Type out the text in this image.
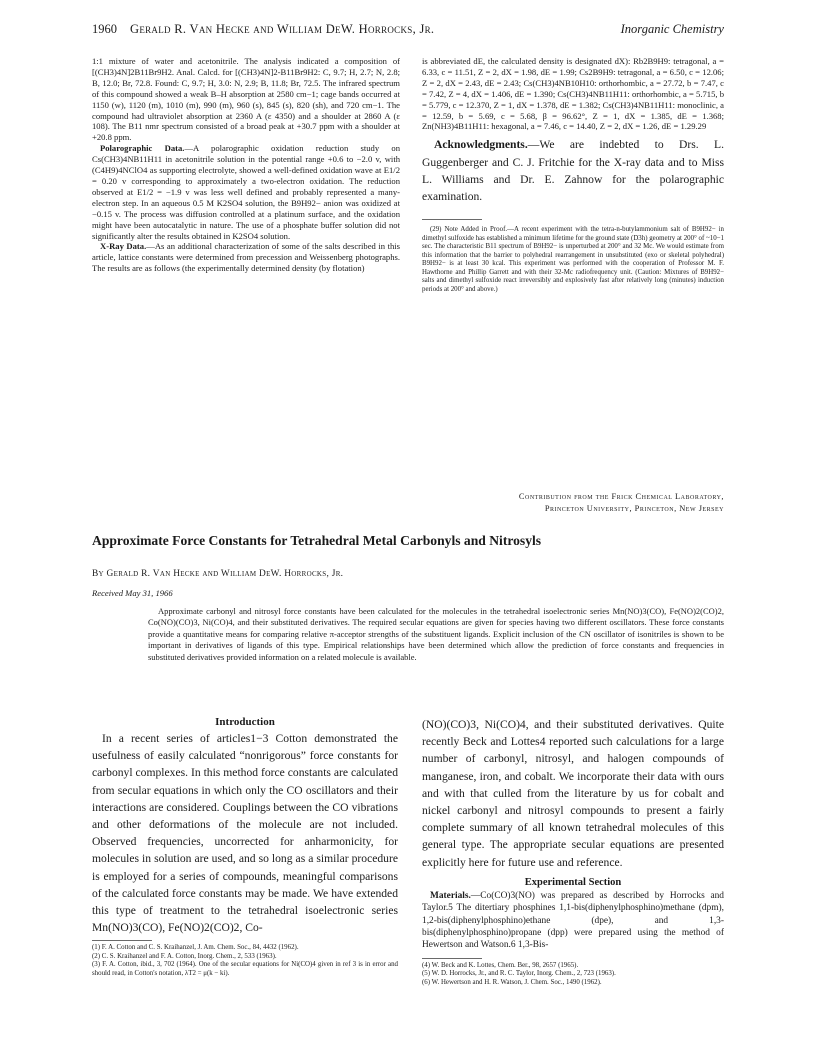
1960 Gerald R. Van Hecke and William DeW. Horrocks, Jr.	Inorganic Chemistry

1:1 mixture of water and acetonitrile. The analysis indicated a composition of [(CH3)4N]2B11Br9H2. Anal. Calcd. for [(CH3)4N]2-B11Br9H2: C, 9.7; H, 2.7; N, 2.8; B, 12.0; Br, 72.8. Found: C, 9.7; H, 3.0: N, 2.9; B, 11.8; Br, 72.5. The infrared spectrum of this compound showed a weak B–H absorption at 2580 cm−1; cage bands occurred at 1150 (w), 1120 (m), 1010 (m), 990 (m), 960 (s), 845 (s), 820 (sh), and 720 cm−1. The compound had ultraviolet absorption at 2360 A (ε 4350) and a shoulder at 2860 A (ε 108). The B11 nmr spectrum consisted of a broad peak at +30.7 ppm with a shoulder at +20.8 ppm.

Polarographic Data.—A polarographic oxidation reduction study on Cs(CH3)4NB11H11 in acetonitrile solution in the potential range +0.6 to −2.0 v, with (C4H9)4NClO4 as supporting electrolyte, showed a well-defined oxidation wave at E1/2 = 0.20 v corresponding to approximately a two-electron oxidation. The reduction observed at E1/2 = −1.9 v was less well defined and probably represented a many-electron step. In an aqueous 0.5 M K2SO4 solution, the B9H92− anion was oxidized at −0.15 v. The process was diffusion controlled at a platinum surface, and the oxidation might have been autocatalytic in nature. The use of a phosphate buffer solution did not significantly alter the results obtained in K2SO4 solution.

X-Ray Data.—As an additional characterization of some of the salts described in this article, lattice constants were determined from precession and Weissenberg photographs. The results are as follows (the experimentally determined density (by flotation)

is abbreviated dE, the calculated density is designated dX): Rb2B9H9: tetragonal, a = 6.33, c = 11.51, Z = 2, dX = 1.98, dE = 1.99; Cs2B9H9: tetragonal, a = 6.50, c = 12.06; Z = 2, dX = 2.43, dE = 2.43; Cs(CH3)4NB10H10: orthorhombic, a = 27.72, b = 7.47, c = 7.42, Z = 4, dX = 1.406, dE = 1.390; Cs(CH3)4NB11H11: orthorhombic, a = 5.715, b = 5.779, c = 12.370, Z = 1, dX = 1.378, dE = 1.382; Cs(CH3)4NB11H11: monoclinic, a = 12.59, b = 5.69, c = 5.68, β = 96.62°, Z = 1, dX = 1.385, dE = 1.368; Zn(NH3)4B11H11: hexagonal, a = 7.46, c = 14.40, Z = 2, dX = 1.26, dE = 1.29.29

Acknowledgments.—We are indebted to Drs. L. Guggenberger and C. J. Fritchie for the X-ray data and to Miss L. Williams and Dr. E. Zahnow for the polarographic examination.

(29) Note Added in Proof.—A recent experiment with the tetra-n-butylammonium salt of B9H92− in dimethyl sulfoxide has established a minimum lifetime for the ground state (D3h) geometry at 200° of ~10−1 sec. The characteristic B11 spectrum of B9H92− is unperturbed at 200° and 32 Mc. We would estimate from this information that the barrier to polyhedral rearrangement in unsubstituted (exo or skeletal polyhedral) B9H92− is at least 30 kcal. This experiment was performed with the cooperation of Professor M. F. Hawthorne and Phillip Garrett and with their 32-Mc radiofrequency unit. (Caution: Mixtures of B9H92− salts and dimethyl sulfoxide react irreversibly and explosively fast after relatively long (minutes) induction periods at 200° and above.)

Contribution from the Frick Chemical Laboratory,
Princeton University, Princeton, New Jersey
Approximate Force Constants for Tetrahedral Metal Carbonyls and Nitrosyls
By Gerald R. Van Hecke and William DeW. Horrocks, Jr.
Received May 31, 1966

Approximate carbonyl and nitrosyl force constants have been calculated for the molecules in the tetrahedral isoelectronic series Mn(NO)3(CO), Fe(NO)2(CO)2, Co(NO)(CO)3, Ni(CO)4, and their substituted derivatives. The required secular equations are given for species having two different oscillators. These force constants provide a quantitative means for comparing relative π-acceptor strengths of the substituent ligands. Explicit inclusion of the CN oscillator of isonitriles is shown to be important in derivatives of ligands of this type. Empirical relationships have been determined which allow the prediction of force constants and frequencies in substituted derivatives provided information on a related molecule is available.

Introduction

In a recent series of articles1−3 Cotton demonstrated the usefulness of easily calculated “nonrigorous” force constants for carbonyl complexes. In this method force constants are calculated from secular equations in which only the CO oscillators and their interactions are considered. Couplings between the CO vibrations and other deformations of the molecule are not included. Observed frequencies, uncorrected for anharmonicity, for molecules in solution are used, and so long as a similar procedure is employed for a series of compounds, meaningful comparisons of the calculated force constants may be made. We have extended this type of treatment to the tetrahedral isoelectronic series Mn(NO)3(CO), Fe(NO)2(CO)2, Co-

(1) F. A. Cotton and C. S. Kraihanzel, J. Am. Chem. Soc., 84, 4432 (1962).

(2) C. S. Kraihanzel and F. A. Cotton, Inorg. Chem., 2, 533 (1963).

(3) F. A. Cotton, ibid., 3, 702 (1964). One of the secular equations for Ni(CO)4 given in ref 3 is in error and should read, in Cotton's notation, λT2 = μ(k − ki).

(NO)(CO)3, Ni(CO)4, and their substituted derivatives. Quite recently Beck and Lottes4 reported such calculations for a large number of carbonyl, nitrosyl, and halogen compounds of manganese, iron, and cobalt. We incorporate their data with ours and with that culled from the literature by us for cobalt and nickel carbonyl and nitrosyl compounds to present a fairly complete summary of all known tetrahedral molecules of this general type. The appropriate secular equations are presented explicitly here for future use and reference.

Experimental Section

Materials.—Co(CO)3(NO) was prepared as described by Horrocks and Taylor.5 The ditertiary phosphines 1,1-bis(diphenylphosphino)methane (dpm), 1,2-bis(diphenylphosphino)ethane (dpe), and 1,3-bis(diphenylphosphino)propane (dpp) were prepared using the method of Hewertson and Watson.6 1,3-Bis-

(4) W. Beck and K. Lottes, Chem. Ber., 98, 2657 (1965).

(5) W. D. Horrocks, Jr., and R. C. Taylor, Inorg. Chem., 2, 723 (1963).

(6) W. Hewertson and H. R. Watson, J. Chem. Soc., 1490 (1962).
